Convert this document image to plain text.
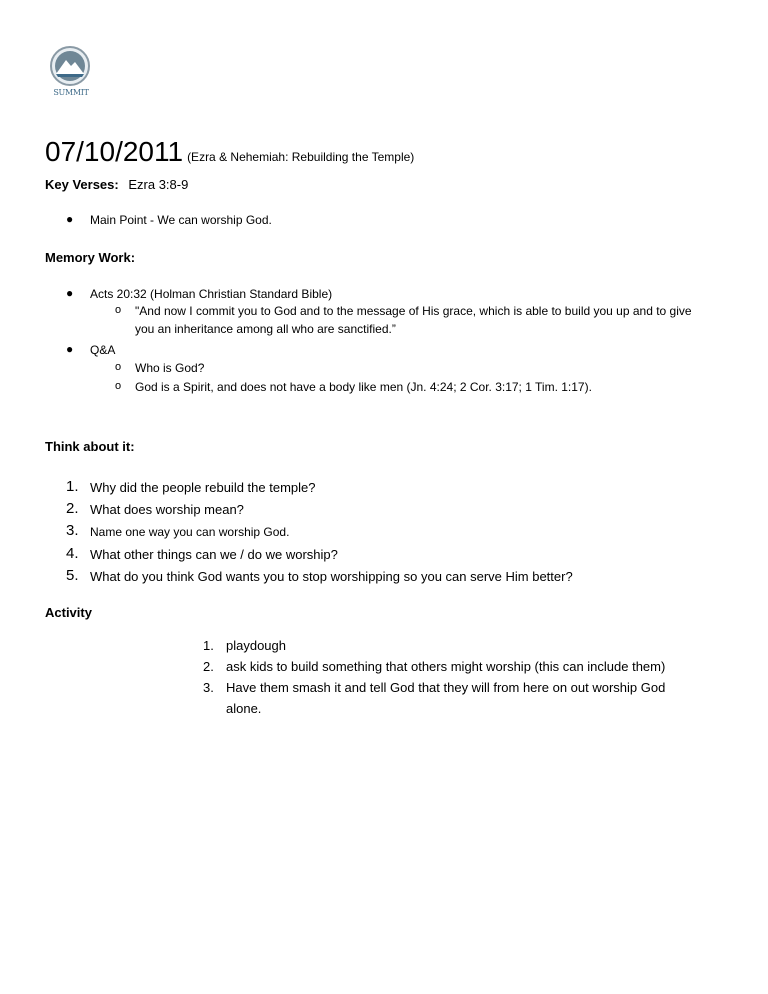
SUMMIT
07/10/2011 (Ezra & Nehemiah: Rebuilding the Temple)
Key Verses: Ezra 3:8-9
● Main Point - We can worship God.
Memory Work:
● Acts 20:32 (Holman Christian Standard Bible)
o "And now I commit you to God and to the message of His grace, which is able to build you up and to give
you an inheritance among all who are sanctified.”
● Q&A
o Who is God?
o God is a Spirit, and does not have a body like men (Jn. 4:24; 2 Cor. 3:17; 1 Tim. 1:17).
Think about it:
1. Why did the people rebuild the temple?
2. What does worship mean?
3. Name one way you can worship God.
4. What other things can we / do we worship?
5. What do you think God wants you to stop worshipping so you can serve Him better?
Activity
1. playdough
2. ask kids to build something that others might worship (this can include them)
3. Have them smash it and tell God that they will from here on out worship God
alone.
